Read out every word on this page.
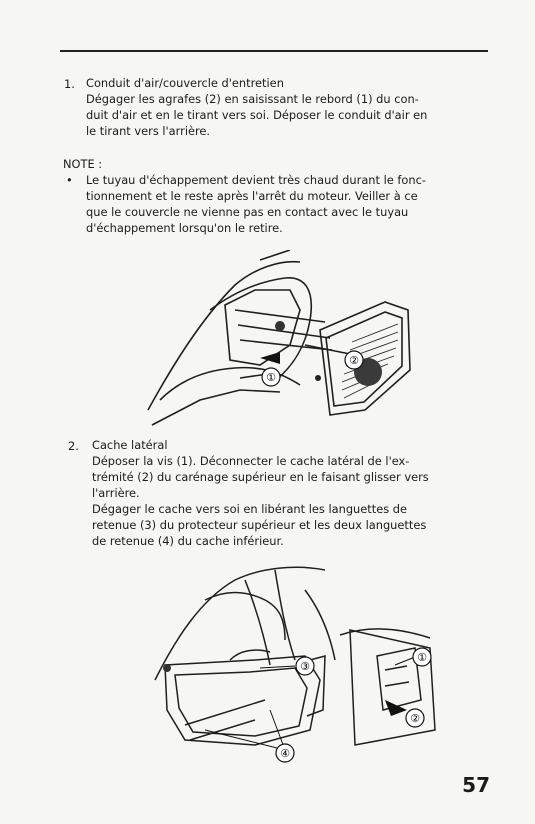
1. Conduit d'air/couvercle d'entretien
Dégager les agrafes (2) en saisissant le rebord (1) du con-
duit d'air et en le tirant vers soi. Déposer le conduit d'air en
le tirant vers l'arrière.
NOTE :
• Le tuyau d'échappement devient très chaud durant le fonc-
tionnement et le reste après l'arrêt du moteur. Veiller à ce
que le couvercle ne vienne pas en contact avec le tuyau
d'échappement lorsqu'on le retire.
②
①
2. Cache latéral
Déposer la vis (1). Déconnecter le cache latéral de l'ex-
trémité (2) du carénage supérieur en le faisant glisser vers
l'arrière.
Dégager le cache vers soi en libérant les languettes de
retenue (3) du protecteur supérieur et les deux languettes
de retenue (4) du cache inférieur.
③
①
②
④
57
